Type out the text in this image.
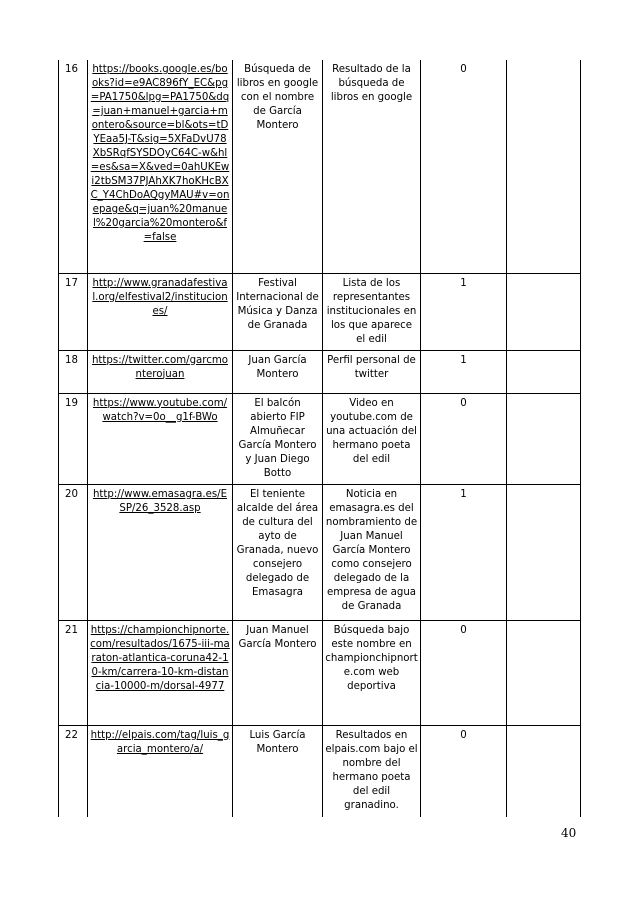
16	https://books.google.es/books?id=e9AC896fY_EC&pg=PA1750&lpg=PA1750&dq=juan+manuel+garcia+montero&source=bl&ots=tDYEaa5J-T&sig=5XFaDvU78XbSRqfSYSDOyC64C-w&hl=es&sa=X&ved=0ahUKEwi2tbSM37PJAhXK7hoKHcBXC_Y4ChDoAQgyMAU#v=onepage&q=juan%20manuel%20garcia%20montero&f=false	Búsqueda de libros en google con el nombre de García Montero	Resultado de la búsqueda de libros en google	0	
17	http://www.granadafestival.org/elfestival2/instituciones/	Festival Internacional de Música y Danza de Granada	Lista de los representantes institucionales en los que aparece el edil	1	
18	https://twitter.com/garcmonterojuan	Juan García Montero	Perfil personal de twitter	1	
19	https://www.youtube.com/watch?v=0o__g1f-BWo	El balcón abierto FIP Almuñecar García Montero y Juan Diego Botto	Video en youtube.com de una actuación del hermano poeta del edil	0	
20	http://www.emasagra.es/ESP/26_3528.asp	El teniente alcalde del área de cultura del ayto de Granada, nuevo consejero delegado de Emasagra	Noticia en emasagra.es del nombramiento de Juan Manuel García Montero como consejero delegado de la empresa de agua de Granada	1	
21	https://championchipnorte.com/resultados/1675-iii-maraton-atlantica-coruna42-10-km/carrera-10-km-distancia-10000-m/dorsal-4977	Juan Manuel García Montero	Búsqueda bajo este nombre en championchipnorte.com web deportiva	0	
22	http://elpais.com/tag/luis_garcia_montero/a/	Luis García Montero	Resultados en elpais.com bajo el nombre del hermano poeta del edil granadino.	0	
40
